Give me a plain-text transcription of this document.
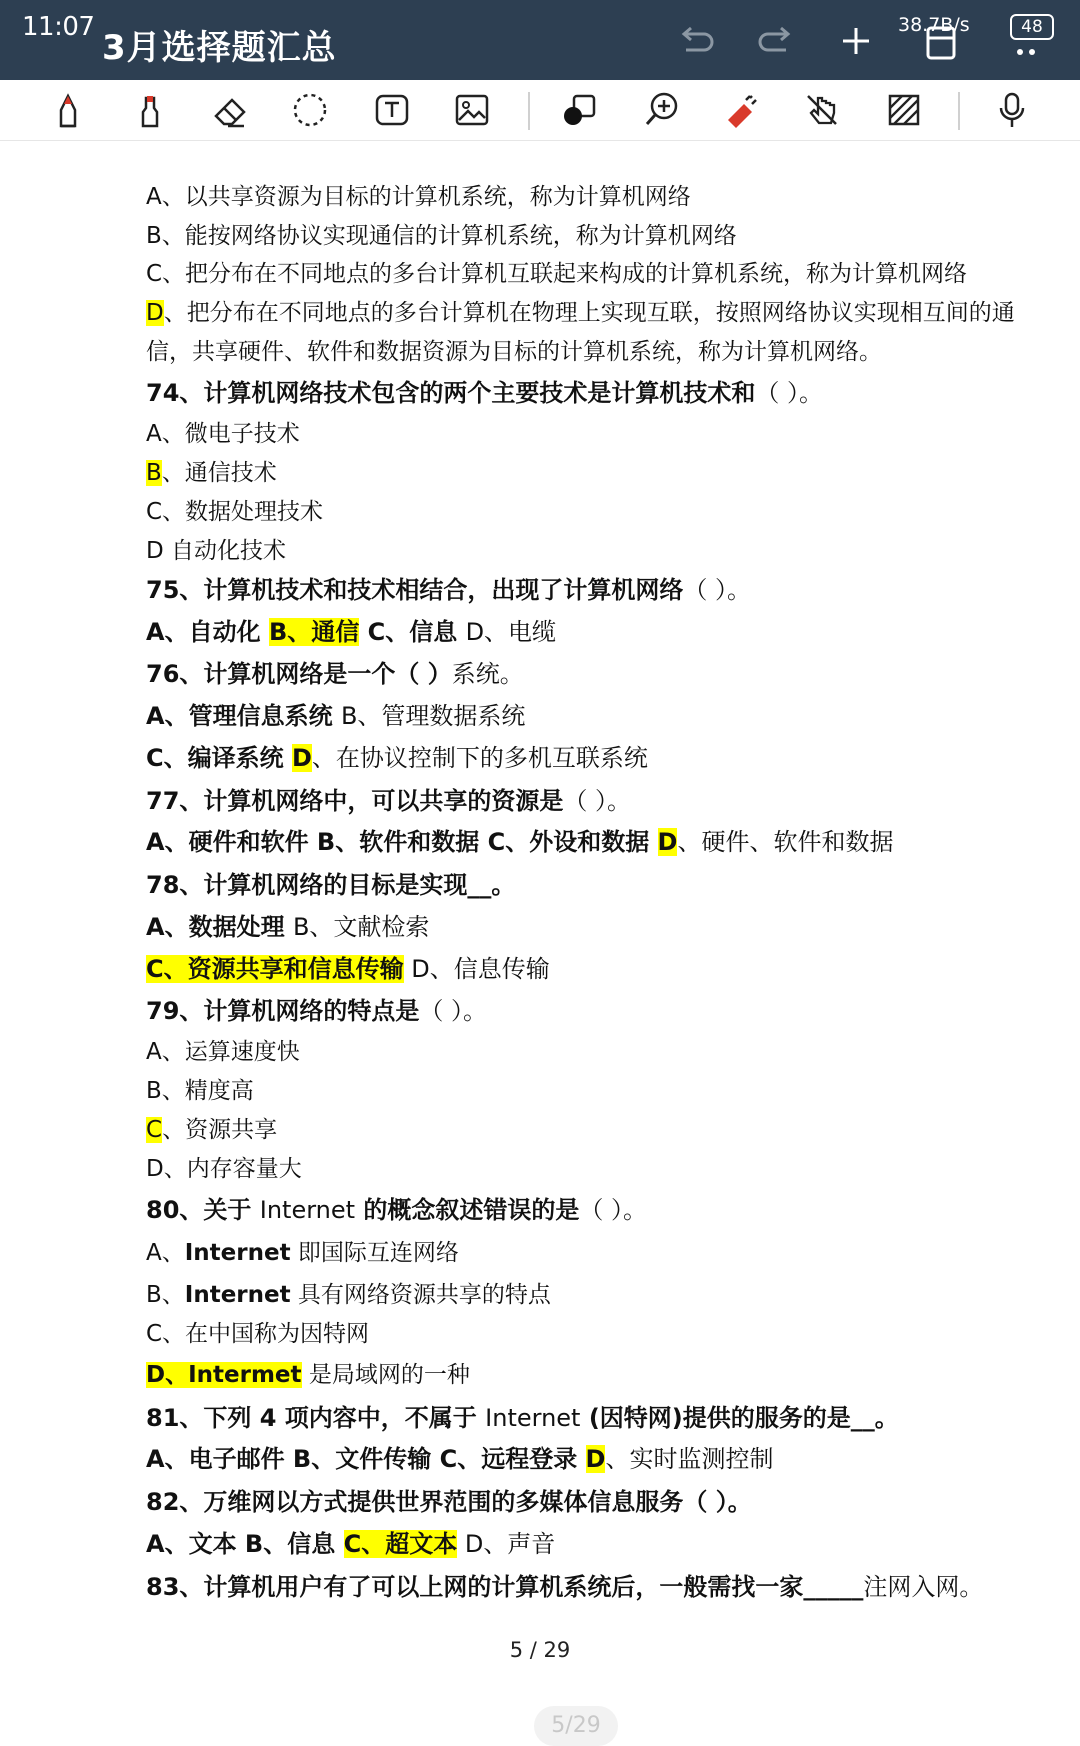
11:07
3月选择题汇总
38.7B/s	48
A、以共享资源为目标的计算机系统，称为计算机网络
B、能按网络协议实现通信的计算机系统，称为计算机网络
C、把分布在不同地点的多台计算机互联起来构成的计算机系统，称为计算机网络
D、把分布在不同地点的多台计算机在物理上实现互联，按照网络协议实现相互间的通
信，共享硬件、软件和数据资源为目标的计算机系统，称为计算机网络。
74、计算机网络技术包含的两个主要技术是计算机技术和（ ）。
A、微电子技术
B、通信技术
C、数据处理技术
D 自动化技术
75、计算机技术和技术相结合，出现了计算机网络（ ）。
A、自动化 B、通信 C、信息 D、电缆
76、计算机网络是一个（ ）系统。
A、管理信息系统 B、管理数据系统
C、编译系统 D、在协议控制下的多机互联系统
77、计算机网络中，可以共享的资源是（ ）。
A、硬件和软件 B、软件和数据 C、外设和数据 D、硬件、软件和数据
78、计算机网络的目标是实现__。
A、数据处理 B、文献检索
C、资源共享和信息传输 D、信息传输
79、计算机网络的特点是（ ）。
A、运算速度快
B、精度高
C、资源共享
D、内存容量大
80、关于 Internet 的概念叙述错误的是（ ）。
A、Internet 即国际互连网络
B、Internet 具有网络资源共享的特点
C、在中国称为因特网
D、Intermet 是局域网的一种
81、下列 4 项内容中，不属于 Internet (因特网)提供的服务的是__。
A、电子邮件 B、文件传输 C、远程登录 D、实时监测控制
82、万维网以方式提供世界范围的多媒体信息服务（ ）。
A、文本 B、信息 C、超文本 D、声音
83、计算机用户有了可以上网的计算机系统后，一般需找一家_____注网入网。
5 / 29
5/29
